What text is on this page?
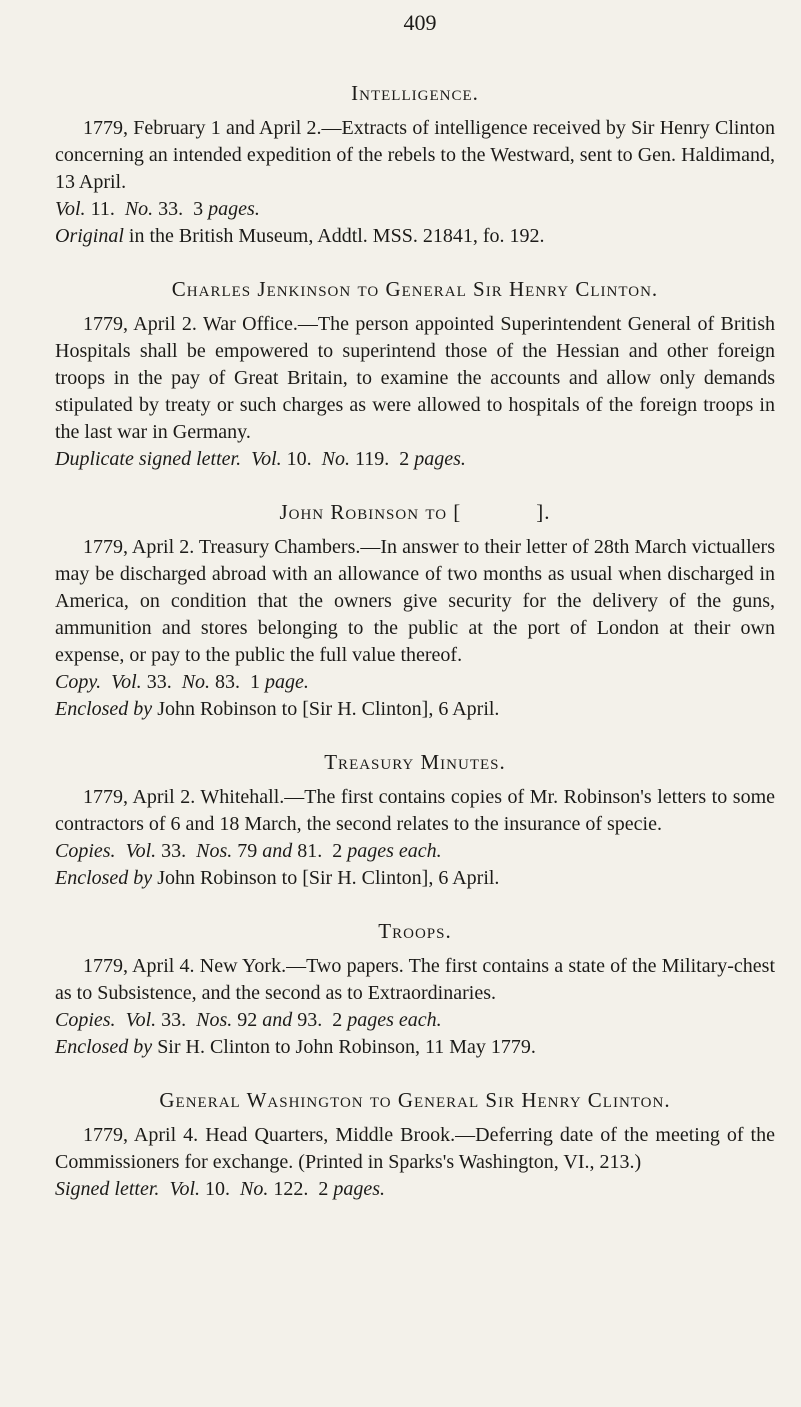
409
Intelligence.

1779, February 1 and April 2.—Extracts of intelligence received by Sir Henry Clinton concerning an intended expedition of the rebels to the Westward, sent to Gen. Haldimand, 13 April.

Vol. 11. No. 33. 3 pages.

Original in the British Museum, Addtl. MSS. 21841, fo. 192.

Charles Jenkinson to General Sir Henry Clinton.

1779, April 2. War Office.—The person appointed Superintendent General of British Hospitals shall be empowered to superintend those of the Hessian and other foreign troops in the pay of Great Britain, to examine the accounts and allow only demands stipulated by treaty or such charges as were allowed to hospitals of the foreign troops in the last war in Germany.

Duplicate signed letter. Vol. 10. No. 119. 2 pages.

John Robinson to [            ].

1779, April 2. Treasury Chambers.—In answer to their letter of 28th March victuallers may be discharged abroad with an allowance of two months as usual when discharged in America, on condition that the owners give security for the delivery of the guns, ammunition and stores belonging to the public at the port of London at their own expense, or pay to the public the full value thereof.

Copy. Vol. 33. No. 83. 1 page.

Enclosed by John Robinson to [Sir H. Clinton], 6 April.

Treasury Minutes.

1779, April 2. Whitehall.—The first contains copies of Mr. Robinson's letters to some contractors of 6 and 18 March, the second relates to the insurance of specie.

Copies. Vol. 33. Nos. 79 and 81. 2 pages each.

Enclosed by John Robinson to [Sir H. Clinton], 6 April.

Troops.

1779, April 4. New York.—Two papers. The first contains a state of the Military-chest as to Subsistence, and the second as to Extraordinaries.

Copies. Vol. 33. Nos. 92 and 93. 2 pages each.

Enclosed by Sir H. Clinton to John Robinson, 11 May 1779.

General Washington to General Sir Henry Clinton.

1779, April 4. Head Quarters, Middle Brook.—Deferring date of the meeting of the Commissioners for exchange. (Printed in Sparks's Washington, VI., 213.)

Signed letter. Vol. 10. No. 122. 2 pages.
